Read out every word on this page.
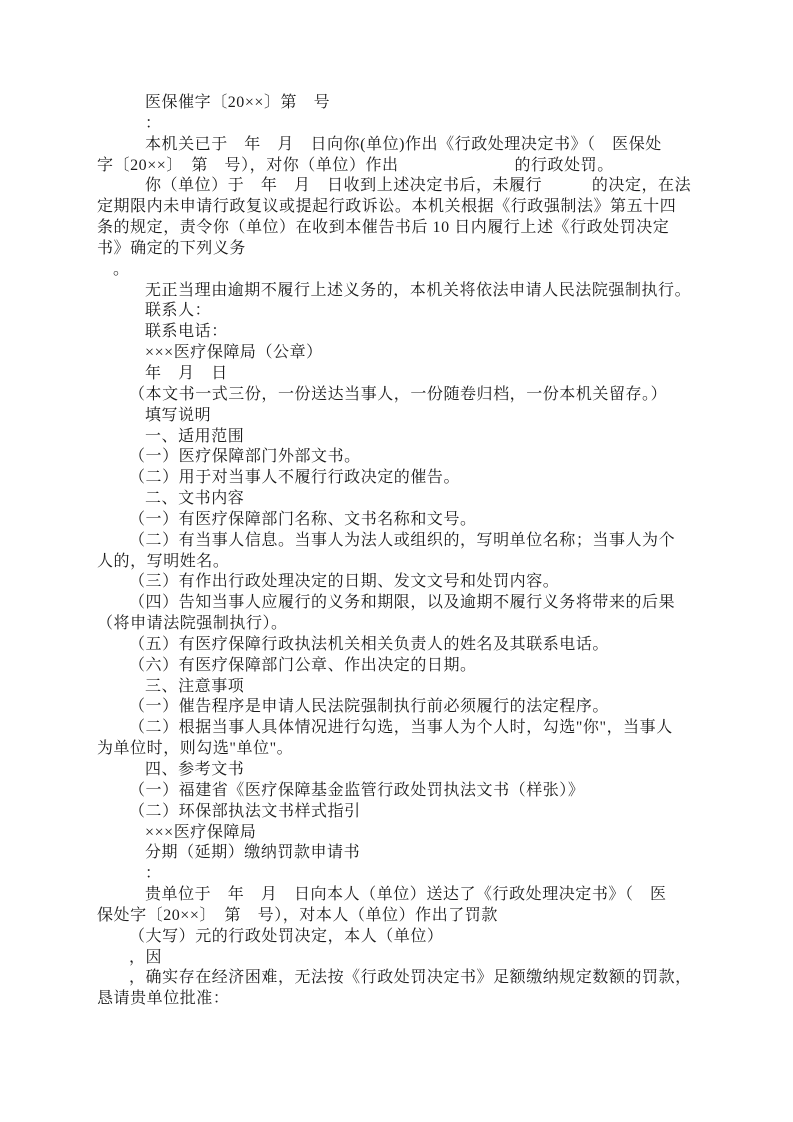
医保催字〔20××〕第　号
：
本机关已于　年　月　日向你(单位)作出《行政处理决定书》（　医保处
字〔20××〕　第　号），对你（单位）作出　　　　　　　的行政处罚。
你（单位）于　年　月　日收到上述决定书后，未履行　　　的决定，在法
定期限内未申请行政复议或提起行政诉讼。本机关根据《行政强制法》第五十四
条的规定，责令你（单位）在收到本催告书后 10 日内履行上述《行政处罚决定
书》确定的下列义务
。
无正当理由逾期不履行上述义务的，本机关将依法申请人民法院强制执行。
联系人：
联系电话：
×××医疗保障局（公章）
年　月　日
（本文书一式三份，一份送达当事人，一份随卷归档，一份本机关留存。）
填写说明
一、适用范围
（一）医疗保障部门外部文书。
（二）用于对当事人不履行行政决定的催告。
二、文书内容
（一）有医疗保障部门名称、文书名称和文号。
（二）有当事人信息。当事人为法人或组织的，写明单位名称；当事人为个
人的，写明姓名。
（三）有作出行政处理决定的日期、发文文号和处罚内容。
（四）告知当事人应履行的义务和期限，以及逾期不履行义务将带来的后果
（将申请法院强制执行）。
（五）有医疗保障行政执法机关相关负责人的姓名及其联系电话。
（六）有医疗保障部门公章、作出决定的日期。
三、注意事项
（一）催告程序是申请人民法院强制执行前必须履行的法定程序。
（二）根据当事人具体情况进行勾选，当事人为个人时，勾选"你"，当事人
为单位时，则勾选"单位"。
四、参考文书
（一）福建省《医疗保障基金监管行政处罚执法文书（样张）》
（二）环保部执法文书样式指引
×××医疗保障局
分期（延期）缴纳罚款申请书
：
贵单位于　年　月　日向本人（单位）送达了《行政处理决定书》（　医
保处字〔20××〕　第　号），对本人（单位）作出了罚款
（大写）元的行政处罚决定，本人（单位）
，因
，确实存在经济困难，无法按《行政处罚决定书》足额缴纳规定数额的罚款，
恳请贵单位批准：
